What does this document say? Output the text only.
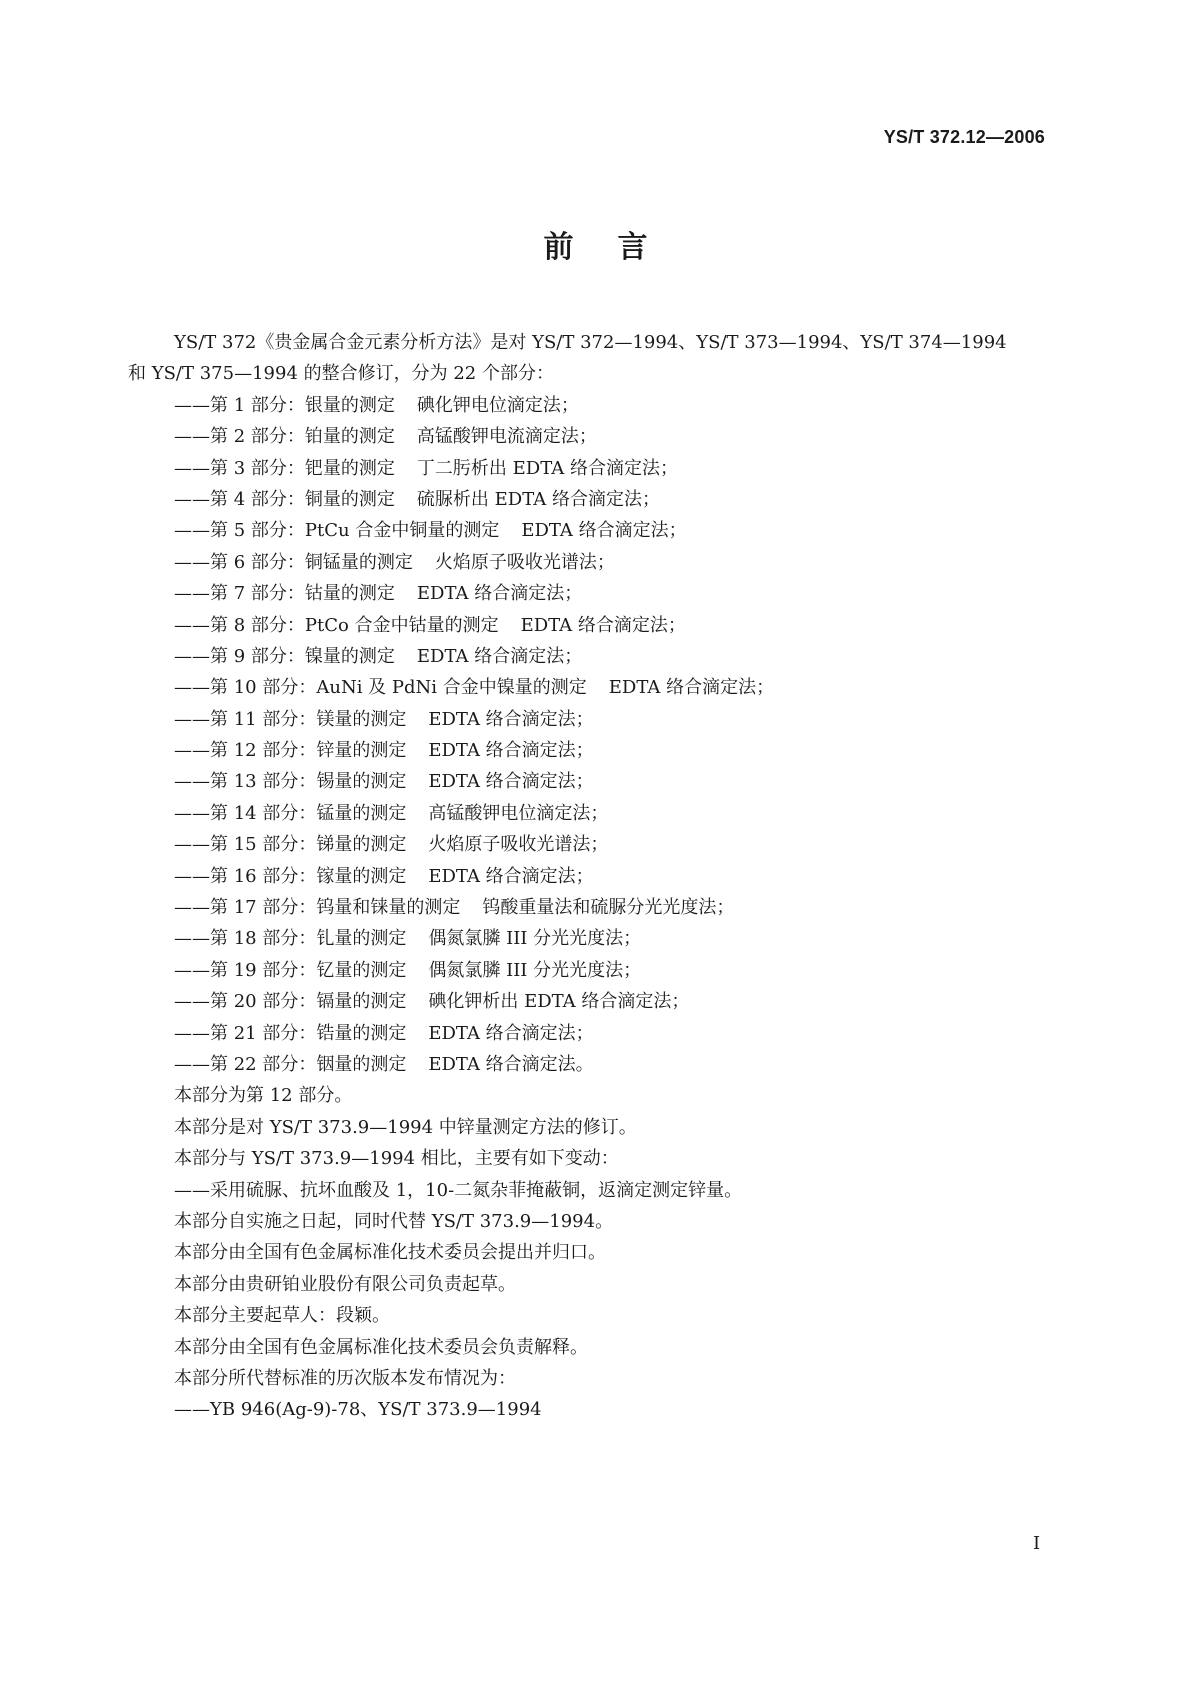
YS/T 372.12—2006
前言
YS/T 372《贵金属合金元素分析方法》是对 YS/T 372—1994、YS/T 373—1994、YS/T 374—1994
和 YS/T 375—1994 的整合修订，分为 22 个部分：
——第 1 部分：银量的测定 碘化钾电位滴定法；
——第 2 部分：铂量的测定 高锰酸钾电流滴定法；
——第 3 部分：钯量的测定 丁二肟析出 EDTA 络合滴定法；
——第 4 部分：铜量的测定 硫脲析出 EDTA 络合滴定法；
——第 5 部分：PtCu 合金中铜量的测定 EDTA 络合滴定法；
——第 6 部分：铜锰量的测定 火焰原子吸收光谱法；
——第 7 部分：钴量的测定 EDTA 络合滴定法；
——第 8 部分：PtCo 合金中钴量的测定 EDTA 络合滴定法；
——第 9 部分：镍量的测定 EDTA 络合滴定法；
——第 10 部分：AuNi 及 PdNi 合金中镍量的测定 EDTA 络合滴定法；
——第 11 部分：镁量的测定 EDTA 络合滴定法；
——第 12 部分：锌量的测定 EDTA 络合滴定法；
——第 13 部分：锡量的测定 EDTA 络合滴定法；
——第 14 部分：锰量的测定 高锰酸钾电位滴定法；
——第 15 部分：锑量的测定 火焰原子吸收光谱法；
——第 16 部分：镓量的测定 EDTA 络合滴定法；
——第 17 部分：钨量和铼量的测定 钨酸重量法和硫脲分光光度法；
——第 18 部分：钆量的测定 偶氮氯膦 III 分光光度法；
——第 19 部分：钇量的测定 偶氮氯膦 III 分光光度法；
——第 20 部分：镉量的测定 碘化钾析出 EDTA 络合滴定法；
——第 21 部分：锆量的测定 EDTA 络合滴定法；
——第 22 部分：铟量的测定 EDTA 络合滴定法。
本部分为第 12 部分。
本部分是对 YS/T 373.9—1994 中锌量测定方法的修订。
本部分与 YS/T 373.9—1994 相比，主要有如下变动：
——采用硫脲、抗坏血酸及 1，10-二氮杂菲掩蔽铜，返滴定测定锌量。
本部分自实施之日起，同时代替 YS/T 373.9—1994。
本部分由全国有色金属标准化技术委员会提出并归口。
本部分由贵研铂业股份有限公司负责起草。
本部分主要起草人：段颖。
本部分由全国有色金属标准化技术委员会负责解释。
本部分所代替标准的历次版本发布情况为：
——YB 946(Ag-9)-78、YS/T 373.9—1994
I
